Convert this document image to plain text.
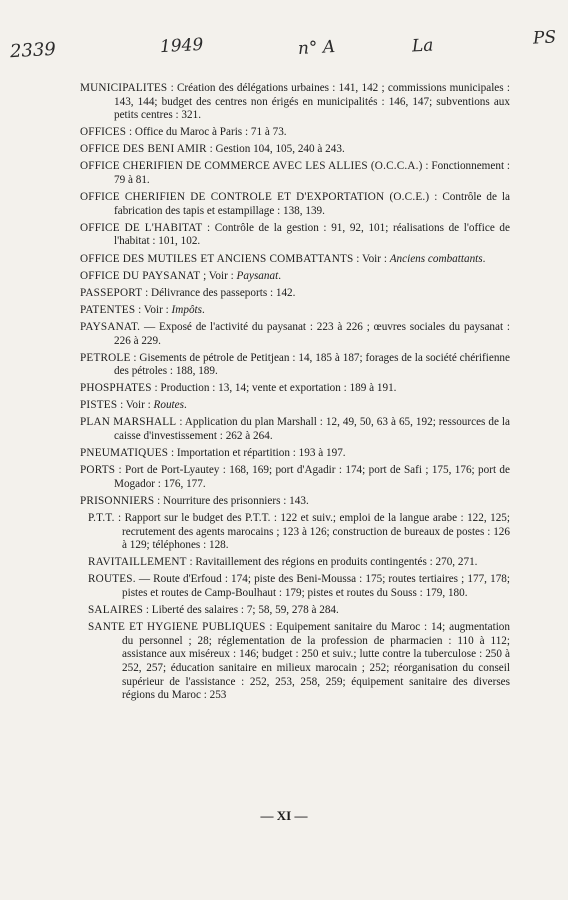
2339	1949	n° A	La	PS

MUNICIPALITES : Création des délégations urbaines : 141, 142 ; commissions municipales : 143, 144; budget des centres non érigés en municipalités : 146, 147; subventions aux petits centres : 321.

OFFICES : Office du Maroc à Paris : 71 à 73.

OFFICE DES BENI AMIR : Gestion 104, 105, 240 à 243.

OFFICE CHERIFIEN DE COMMERCE AVEC LES ALLIES (O.C.C.A.) : Fonctionnement : 79 à 81.

OFFICE CHERIFIEN DE CONTROLE ET D'EXPORTATION (O.C.E.) : Contrôle de la fabrication des tapis et estampillage : 138, 139.

OFFICE DE L'HABITAT : Contrôle de la gestion : 91, 92, 101; réalisations de l'office de l'habitat : 101, 102.

OFFICE DES MUTILES ET ANCIENS COMBATTANTS : Voir : Anciens combattants.

OFFICE DU PAYSANAT ; Voir : Paysanat.

PASSEPORT : Délivrance des passeports : 142.

PATENTES : Voir : Impôts.

PAYSANAT. — Exposé de l'activité du paysanat : 223 à 226 ; œuvres sociales du paysanat : 226 à 229.

PETROLE : Gisements de pétrole de Petitjean : 14, 185 à 187; forages de la société chérifienne des pétroles : 188, 189.

PHOSPHATES : Production : 13, 14; vente et exportation : 189 à 191.

PISTES : Voir : Routes.

PLAN MARSHALL : Application du plan Marshall : 12, 49, 50, 63 à 65, 192; ressources de la caisse d'investissement : 262 à 264.

PNEUMATIQUES : Importation et répartition : 193 à 197.

PORTS : Port de Port-Lyautey : 168, 169; port d'Agadir : 174; port de Safi ; 175, 176; port de Mogador : 176, 177.

PRISONNIERS : Nourriture des prisonniers : 143.

P.T.T. : Rapport sur le budget des P.T.T. : 122 et suiv.; emploi de la langue arabe : 122, 125; recrutement des agents marocains ; 123 à 126; construction de bureaux de postes : 126 à 129; téléphones : 128.

RAVITAILLEMENT : Ravitaillement des régions en produits contingentés : 270, 271.

ROUTES. — Route d'Erfoud : 174; piste des Beni-Moussa : 175; routes tertiaires ; 177, 178; pistes et routes de Camp-Boulhaut : 179; pistes et routes du Souss : 179, 180.

SALAIRES : Liberté des salaires : 7; 58, 59, 278 à 284.

SANTE ET HYGIENE PUBLIQUES : Equipement sanitaire du Maroc : 14; augmentation du personnel ; 28; réglementation de la profession de pharmacien : 110 à 112; assistance aux miséreux : 146; budget : 250 et suiv.; lutte contre la tuberculose : 250 à 252, 257; éducation sanitaire en milieux marocain ; 252; réorganisation du conseil supérieur de l'assistance : 252, 253, 258, 259; équipement sanitaire des diverses régions du Maroc : 253

— XI —
